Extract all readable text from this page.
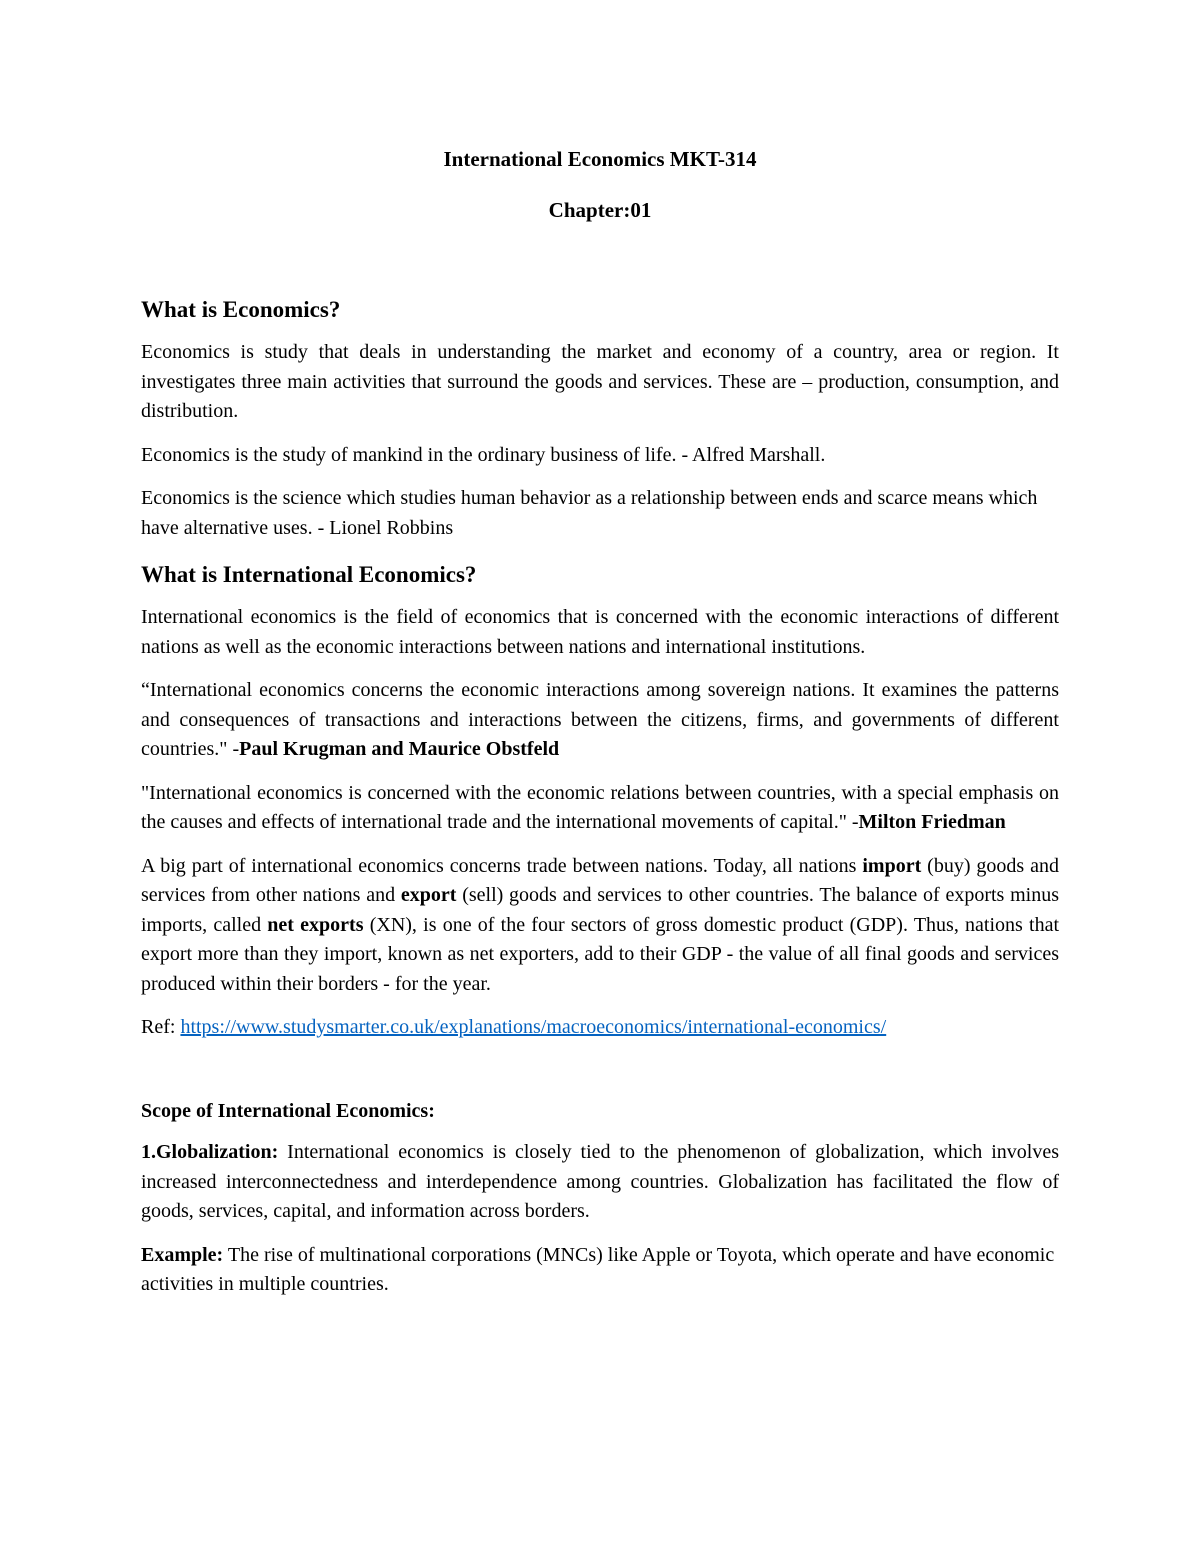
International Economics MKT-314

Chapter:01

What is Economics?

Economics is study that deals in understanding the market and economy of a country, area or region. It investigates three main activities that surround the goods and services. These are – production, consumption, and distribution.

Economics is the study of mankind in the ordinary business of life. - Alfred Marshall.

Economics is the science which studies human behavior as a relationship between ends and scarce means which have alternative uses. - Lionel Robbins

What is International Economics?

International economics is the field of economics that is concerned with the economic interactions of different nations as well as the economic interactions between nations and international institutions.

“International economics concerns the economic interactions among sovereign nations. It examines the patterns and consequences of transactions and interactions between the citizens, firms, and governments of different countries." -Paul Krugman and Maurice Obstfeld

"International economics is concerned with the economic relations between countries, with a special emphasis on the causes and effects of international trade and the international movements of capital." -Milton Friedman

A big part of international economics concerns trade between nations. Today, all nations import (buy) goods and services from other nations and export (sell) goods and services to other countries. The balance of exports minus imports, called net exports (XN), is one of the four sectors of gross domestic product (GDP). Thus, nations that export more than they import, known as net exporters, add to their GDP - the value of all final goods and services produced within their borders - for the year.

Ref: https://www.studysmarter.co.uk/explanations/macroeconomics/international-economics/

Scope of International Economics:

1.Globalization: International economics is closely tied to the phenomenon of globalization, which involves increased interconnectedness and interdependence among countries. Globalization has facilitated the flow of goods, services, capital, and information across borders.

Example: The rise of multinational corporations (MNCs) like Apple or Toyota, which operate and have economic activities in multiple countries.
